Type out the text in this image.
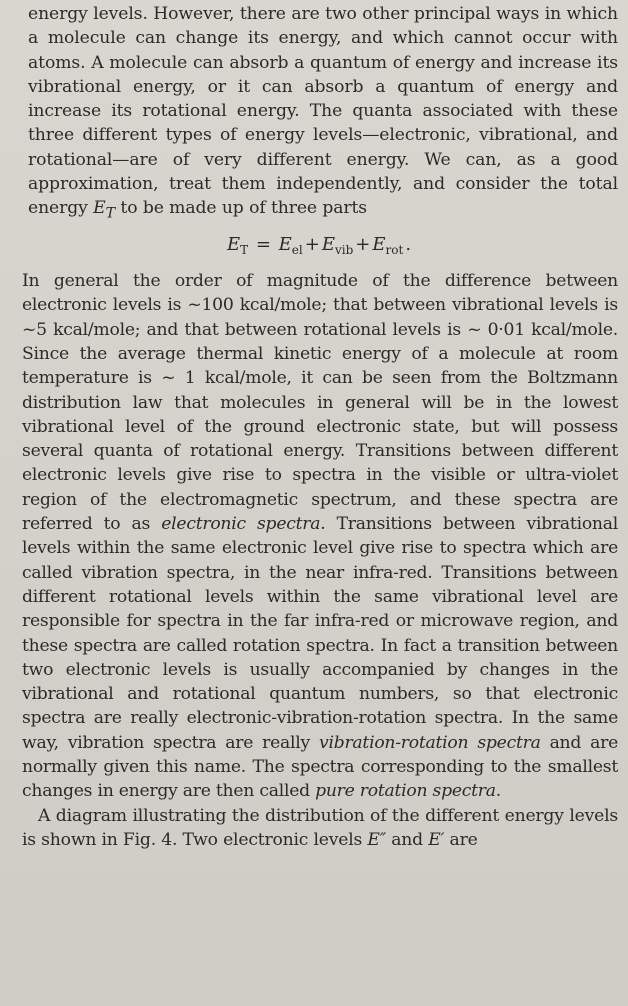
energy levels. However, there are two other principal ways in which a molecule can change its energy, and which cannot occur with atoms. A molecule can absorb a quantum of energy and increase its vibrational energy, or it can absorb a quantum of energy and increase its rotational energy. The quanta associated with these three different types of energy levels—electronic, vibrational, and rotational—are of very different energy. We can, as a good approximation, treat them independently, and consider the total energy $E_T$ to be made up of three parts

$E_T = E_{el} + E_{vib} + E_{rot}$ .

In general the order of magnitude of the difference between electronic levels is ~100 kcal/mole; that between vibrational levels is ~5 kcal/mole; and that between rotational levels is ~ 0·01 kcal/mole. Since the average thermal kinetic energy of a molecule at room temperature is ~ 1 kcal/mole, it can be seen from the Boltzmann distribution law that molecules in general will be in the lowest vibrational level of the ground electronic state, but will possess several quanta of rotational energy. Transitions between different electronic levels give rise to spectra in the visible or ultra-violet region of the electromagnetic spectrum, and these spectra are referred to as electronic spectra. Transitions between vibrational levels within the same electronic level give rise to spectra which are called vibration spectra, in the near infra-red. Transitions between different rotational levels within the same vibrational level are responsible for spectra in the far infra-red or microwave region, and these spectra are called rotation spectra. In fact a transition between two electronic levels is usually accompanied by changes in the vibrational and rotational quantum numbers, so that electronic spectra are really electronic-vibration-rotation spectra. In the same way, vibration spectra are really vibration-rotation spectra and are normally given this name. The spectra corresponding to the smallest changes in energy are then called pure rotation spectra.

A diagram illustrating the distribution of the different energy levels is shown in Fig. 4. Two electronic levels E″ and E′ are
